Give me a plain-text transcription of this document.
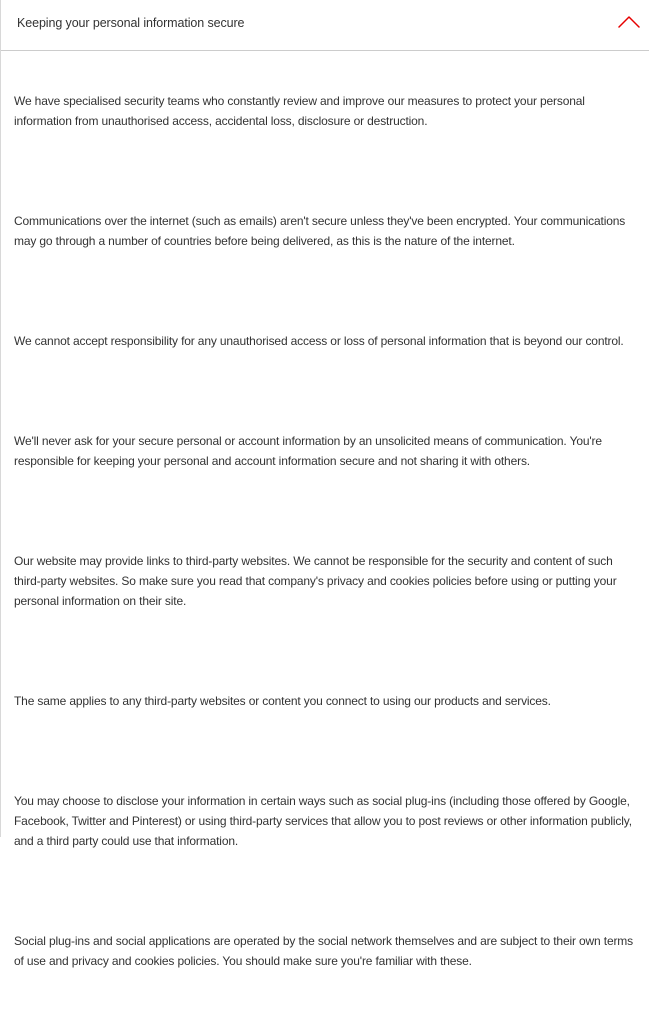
Keeping your personal information secure

We have specialised security teams who constantly review and improve our measures to protect your personal information from unauthorised access, accidental loss, disclosure or destruction.

Communications over the internet (such as emails) aren't secure unless they've been encrypted. Your communications may go through a number of countries before being delivered, as this is the nature of the internet.

We cannot accept responsibility for any unauthorised access or loss of personal information that is beyond our control.

We'll never ask for your secure personal or account information by an unsolicited means of communication. You're responsible for keeping your personal and account information secure and not sharing it with others.

Our website may provide links to third-party websites. We cannot be responsible for the security and content of such third-party websites. So make sure you read that company's privacy and cookies policies before using or putting your personal information on their site.

The same applies to any third-party websites or content you connect to using our products and services.

You may choose to disclose your information in certain ways such as social plug-ins (including those offered by Google, Facebook, Twitter and Pinterest) or using third-party services that allow you to post reviews or other information publicly, and a third party could use that information.

Social plug-ins and social applications are operated by the social network themselves and are subject to their own terms of use and privacy and cookies policies. You should make sure you're familiar with these.
